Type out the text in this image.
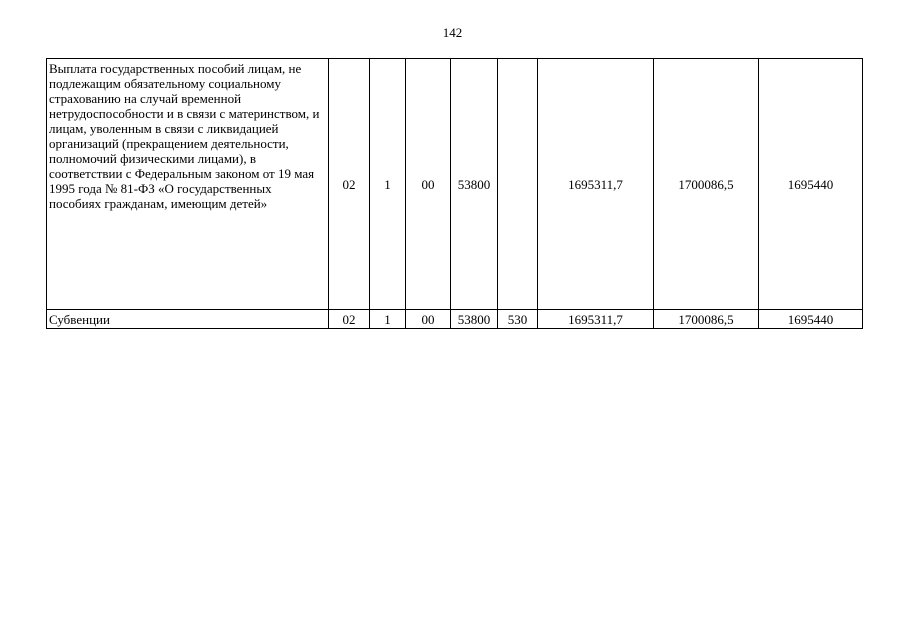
142
Выплата государственных пособий лицам, не подлежащим обязательному социальному страхованию на случай временной нетрудоспособности и в связи с материнством, и лицам, уволенным в связи с ликвидацией организаций (прекращением деятельности, полномочий физическими лицами), в соответствии с Федеральным законом от 19 мая 1995 года № 81-ФЗ «О государственных пособиях гражданам, имеющим детей»	02	1	00	53800		1695311,7	1700086,5	1695440
Субвенции	02	1	00	53800	530	1695311,7	1700086,5	1695440
